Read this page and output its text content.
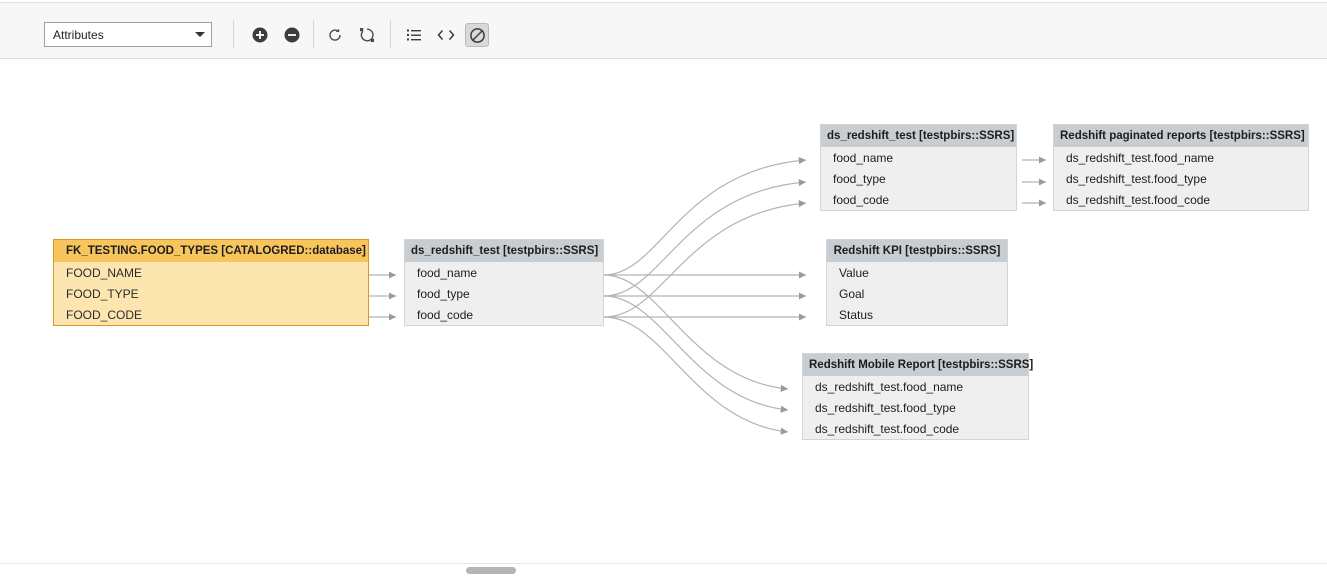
Attributes
FK_TESTING.FOOD_TYPES [CATALOGRED::database]
FOOD_NAME
FOOD_TYPE
FOOD_CODE
ds_redshift_test [testpbirs::SSRS]
food_name
food_type
food_code
ds_redshift_test [testpbirs::SSRS]
food_name
food_type
food_code
Redshift paginated reports [testpbirs::SSRS]
ds_redshift_test.food_name
ds_redshift_test.food_type
ds_redshift_test.food_code
Redshift KPI [testpbirs::SSRS]
Value
Goal
Status
Redshift Mobile Report [testpbirs::SSRS]
ds_redshift_test.food_name
ds_redshift_test.food_type
ds_redshift_test.food_code
